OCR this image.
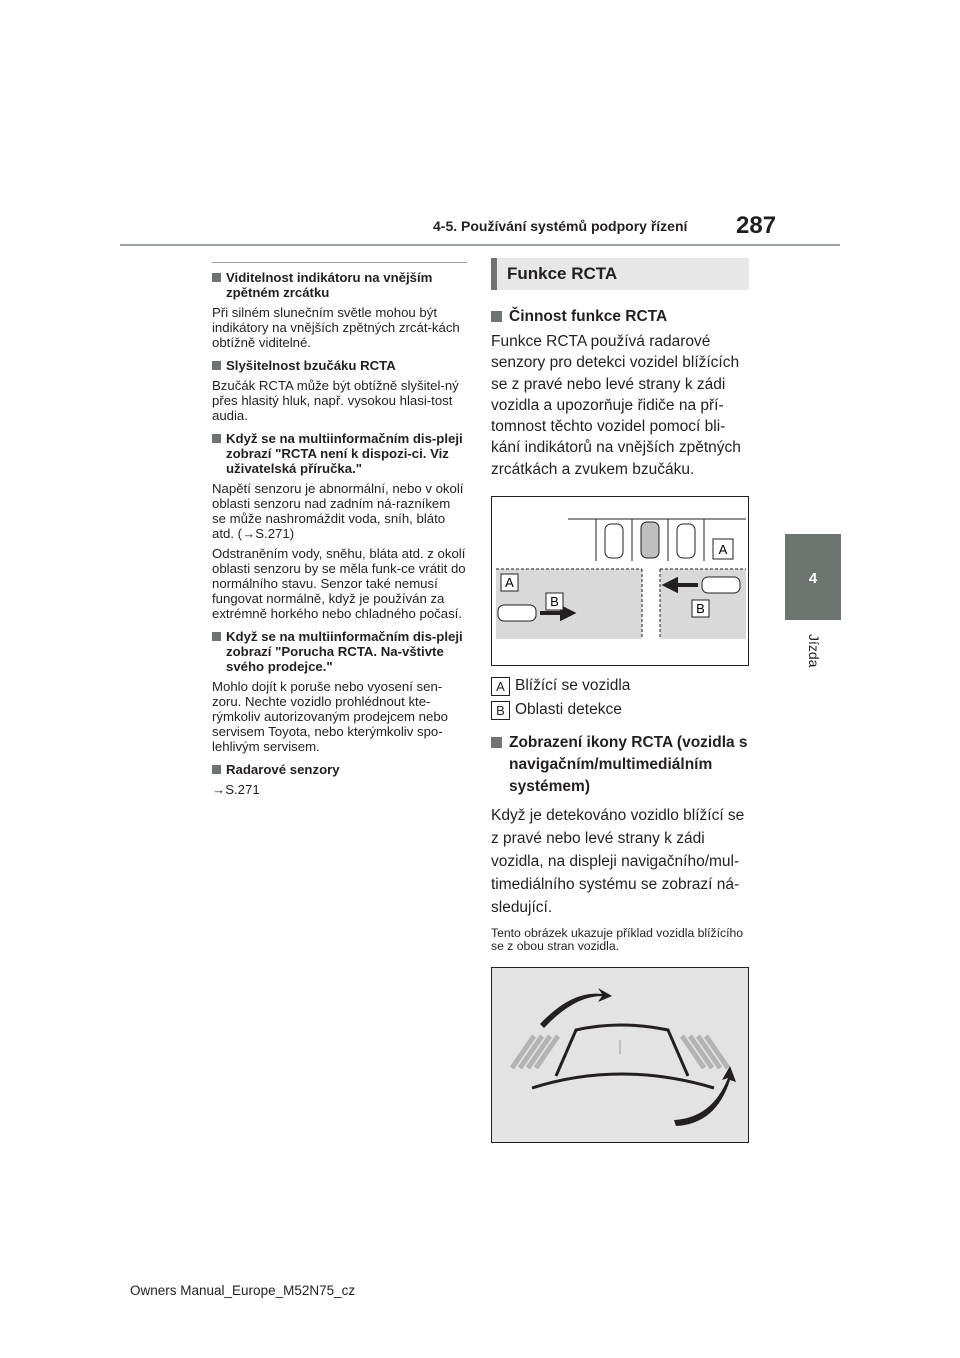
4-5. Používání systémů podpory řízení 287
4
Jízda
Viditelnost indikátoru na vnějším zpětném zrcátku

Při silném slunečním světle mohou být indikátory na vnějších zpětných zrcát-kách obtížně viditelné.

Slyšitelnost bzučáku RCTA

Bzučák RCTA může být obtížně slyšitel-ný přes hlasitý hluk, např. vysokou hlasi-tost audia.

Když se na multiinformačním dis-pleji zobrazí "RCTA není k dispozi-ci. Viz uživatelská příručka."

Napětí senzoru je abnormální, nebo v okolí oblasti senzoru nad zadním ná-razníkem se může nashromáždit voda, sníh, bláto atd. (→S.271)

Odstraněním vody, sněhu, bláta atd. z okolí oblasti senzoru by se měla funk-ce vrátit do normálního stavu. Senzor také nemusí fungovat normálně, když je používán za extrémně horkého nebo chladného počasí.

Když se na multiinformačním dis-pleji zobrazí "Porucha RCTA. Na-vštivte svého prodejce."

Mohlo dojít k poruše nebo vyosení sen-zoru. Nechte vozidlo prohlédnout kte-rýmkoliv autorizovaným prodejcem nebo servisem Toyota, nebo kterýmkoliv spo-lehlivým servisem.

Radarové senzory

→S.271

Funkce RCTA
Činnost funkce RCTA

Funkce RCTA používá radarové senzory pro detekci vozidel blížících se z pravé nebo levé strany k zádi vozidla a upozorňuje řidiče na pří-tomnost těchto vozidel pomocí bli-kání indikátorů na vnějších zpětných zrcátkách a zvukem bzučáku.

A
A
B	B
A Blížící se vozidla
B Oblasti detekce
Zobrazení ikony RCTA (vozidla s navigačním/multimediálním systémem)

Když je detekováno vozidlo blížící se z pravé nebo levé strany k zádi vozidla, na displeji navigačního/mul-timediálního systému se zobrazí ná-sledující.

Tento obrázek ukazuje příklad vozidla blížícího se z obou stran vozidla.

Owners Manual_Europe_M52N75_cz
